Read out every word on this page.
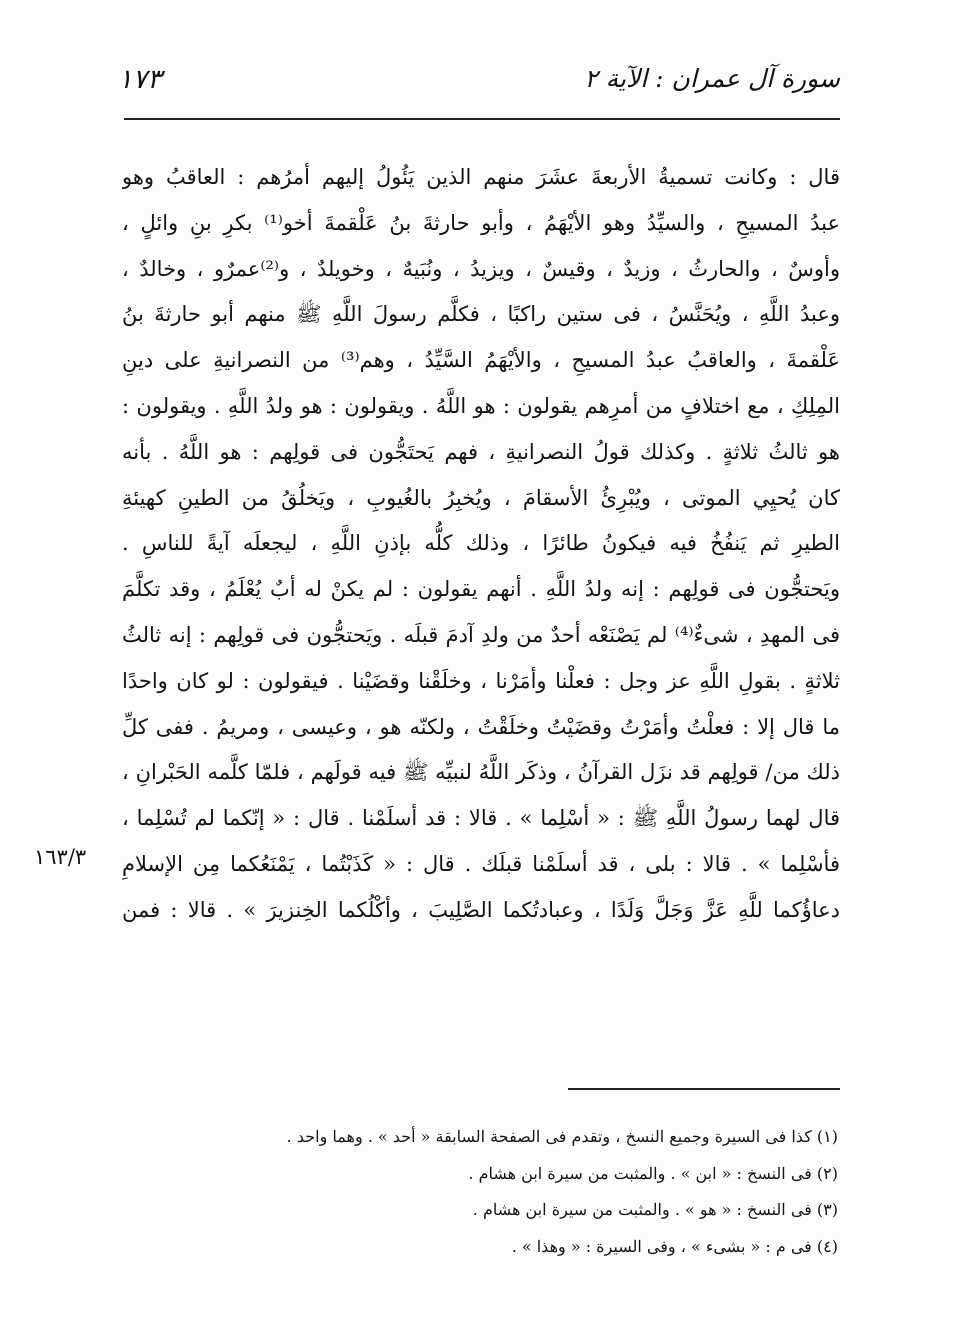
سورة آل عمران : الآية ٢
١٧٣
قال : وكانت تسميةُ الأربعةَ عشَرَ منهم الذين يَئُولُ إليهم أمرُهم : العاقبُ وهو
عبدُ المسيحِ ، والسيِّدُ وهو الأيْهَمُ ، وأبو حارثةَ بنُ عَلْقمةَ أخو⁽¹⁾ بكرِ بنِ وائلٍ ،
وأوسٌ ، والحارثُ ، وزيدٌ ، وقيسٌ ، ويزيدُ ، ونُبَيهٌ ، وخويلدٌ ، و⁽²⁾عمرٌو ، وخالدٌ ،
وعبدُ اللَّهِ ، ويُحَنَّسُ ، فى ستين راكبًا ، فكلَّم رسولَ اللَّهِ ﷺ منهم أبو حارثةَ بنُ
عَلْقمةَ ، والعاقبُ عبدُ المسيحِ ، والأيْهَمُ السَّيِّدُ ، وهم⁽³⁾ من النصرانيةِ على دينِ
المِلِكِ ، مع اختلافٍ من أمرِهم يقولون : هو اللَّهُ . ويقولون : هو ولدُ اللَّهِ . ويقولون :
هو ثالثُ ثلاثةٍ . وكذلك قولُ النصرانيةِ ، فهم يَحتَجُّون فى قولِهم : هو اللَّهُ . بأنه
كان يُحيِي الموتى ، ويُبْرِئُ الأسقامَ ، ويُخبِرُ بالغُيوبِ ، ويَخلُقُ من الطينِ كهيئةِ
الطيرِ ثم يَنفُخُ فيه فيكونُ طائرًا ، وذلك كلُّه بإذنِ اللَّهِ ، ليجعلَه آيةً للناسِ .
ويَحتجُّون فى قولِهم : إنه ولدُ اللَّهِ . أنهم يقولون : لم يكنْ له أبٌ يُعْلَمُ ، وقد تكلَّمَ
فى المهدِ ، شىءٌ⁽⁴⁾ لم يَصْنَعْه أحدٌ من ولدِ آدمَ قبلَه . ويَحتجُّون فى قولِهم : إنه ثالثُ
ثلاثةٍ . بقولِ اللَّهِ عز وجل : فعلْنا وأمَرْنا ، وخلَقْنا وقضَيْنا . فيقولون : لو كان واحدًا
ما قال إلا : فعلْتُ وأمَرْتُ وقضَيْتُ وخلَقْتُ ، ولكنّه هو ، وعيسى ، ومريمُ . ففى كلِّ
ذلك من/ قولِهم قد نزَل القرآنُ ، وذكَر اللَّهُ لنبيِّه ﷺ فيه قولَهم ، فلمّا كلَّمه الحَبْرانِ ،
قال لهما رسولُ اللَّهِ ﷺ : « أسْلِما » . قالا : قد أسلَمْنا . قال : « إنّكما لم تُسْلِما ،
فأسْلِما » . قالا : بلى ، قد أسلَمْنا قبلَك . قال : « كَذَبْتُما ، يَمْنَعُكما مِن الإسلامِ
دعاؤُكما للَّهِ عَزَّ وَجَلَّ وَلَدًا ، وعبادتُكما الصَّلِيبَ ، وأكْلُكما الخِنزيرَ » . قالا : فمن
١٦٣/٣
(١) كذا فى السيرة وجميع النسخ ، وتقدم فى الصفحة السابقة « أحد » . وهما واحد .
(٢) فى النسخ : « ابن » . والمثبت من سيرة ابن هشام .
(٣) فى النسخ : « هو » . والمثبت من سيرة ابن هشام .
(٤) فى م : « بشىء » ، وفى السيرة : « وهذا » .
